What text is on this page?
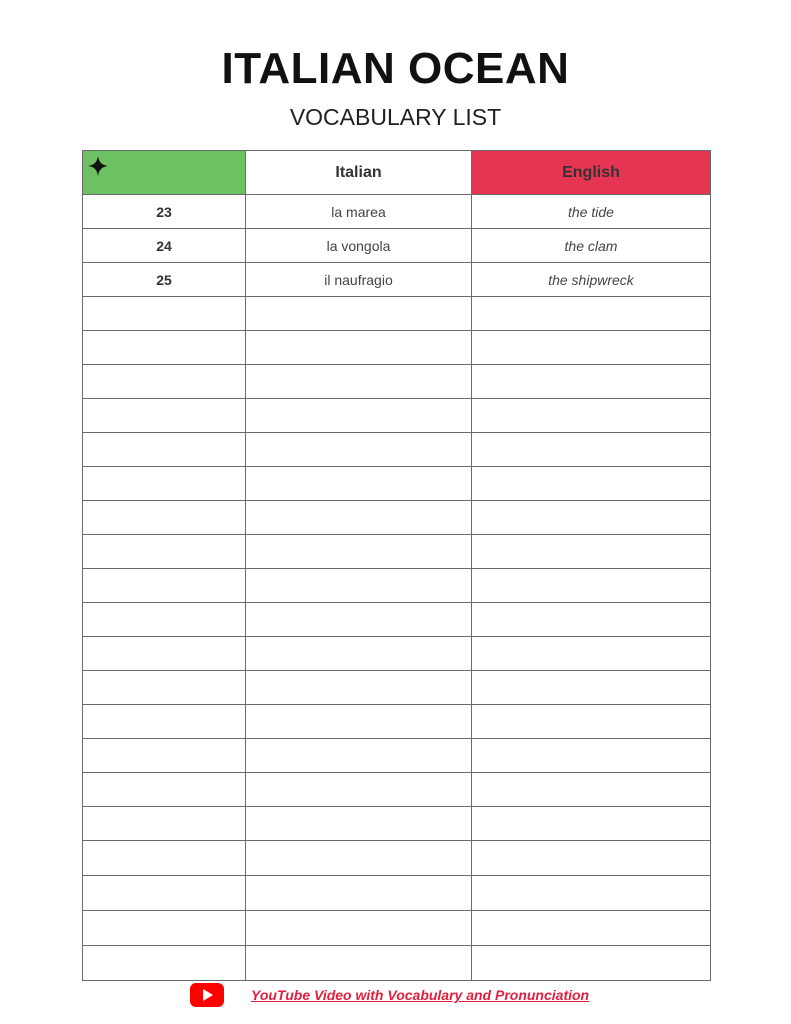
ITALIAN OCEAN
VOCABULARY LIST
	Italian	English
23	la marea	the tide
24	la vongola	the clam
25	il naufragio	the shipwreck

YouTube Video with Vocabulary and Pronunciation
